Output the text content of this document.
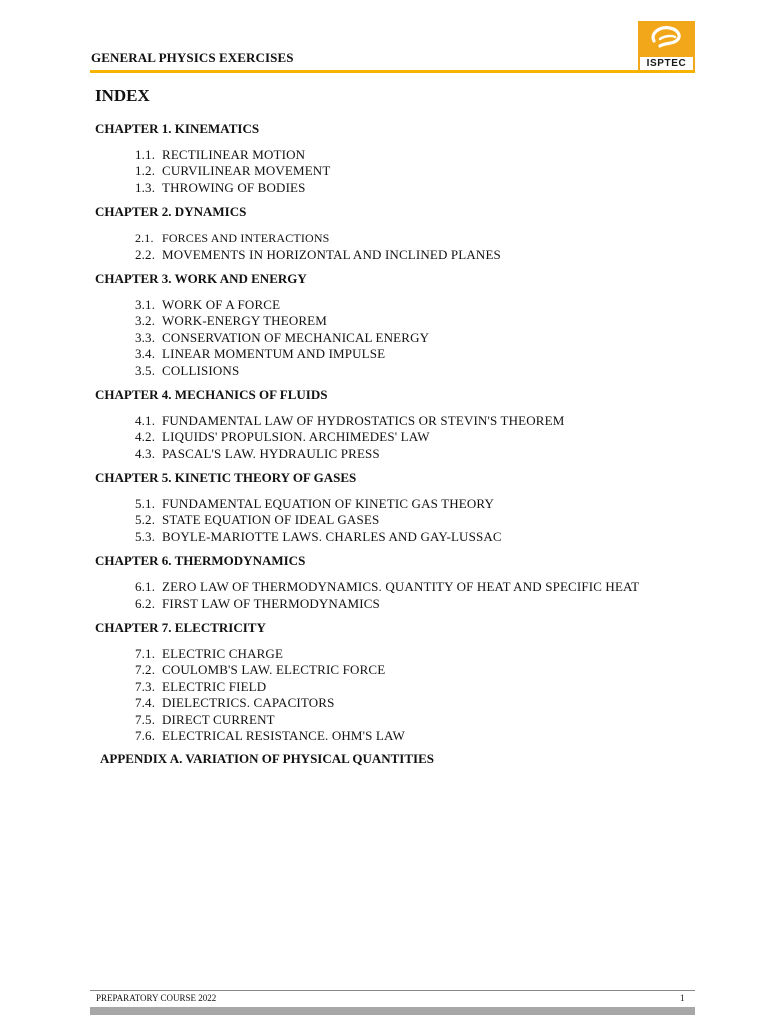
GENERAL PHYSICS EXERCISES	ISPTEC
INDEX
CHAPTER 1. KINEMATICS
1.1. RECTILINEAR MOTION
1.2. CURVILINEAR MOVEMENT
1.3. THROWING OF BODIES
CHAPTER 2. DYNAMICS
2.1. FORCES AND INTERACTIONS
2.2. MOVEMENTS IN HORIZONTAL AND INCLINED PLANES
CHAPTER 3. WORK AND ENERGY
3.1. WORK OF A FORCE
3.2. WORK-ENERGY THEOREM
3.3. CONSERVATION OF MECHANICAL ENERGY
3.4. LINEAR MOMENTUM AND IMPULSE
3.5. COLLISIONS
CHAPTER 4. MECHANICS OF FLUIDS
4.1. FUNDAMENTAL LAW OF HYDROSTATICS OR STEVIN'S THEOREM
4.2. LIQUIDS' PROPULSION. ARCHIMEDES' LAW
4.3. PASCAL'S LAW. HYDRAULIC PRESS
CHAPTER 5. KINETIC THEORY OF GASES
5.1. FUNDAMENTAL EQUATION OF KINETIC GAS THEORY
5.2. STATE EQUATION OF IDEAL GASES
5.3. BOYLE-MARIOTTE LAWS. CHARLES AND GAY-LUSSAC
CHAPTER 6. THERMODYNAMICS
6.1. ZERO LAW OF THERMODYNAMICS. QUANTITY OF HEAT AND SPECIFIC HEAT
6.2. FIRST LAW OF THERMODYNAMICS
CHAPTER 7. ELECTRICITY
7.1. ELECTRIC CHARGE
7.2. COULOMB'S LAW. ELECTRIC FORCE
7.3. ELECTRIC FIELD
7.4. DIELECTRICS. CAPACITORS
7.5. DIRECT CURRENT
7.6. ELECTRICAL RESISTANCE. OHM'S LAW
APPENDIX A. VARIATION OF PHYSICAL QUANTITIES
PREPARATORY COURSE 2022	1
